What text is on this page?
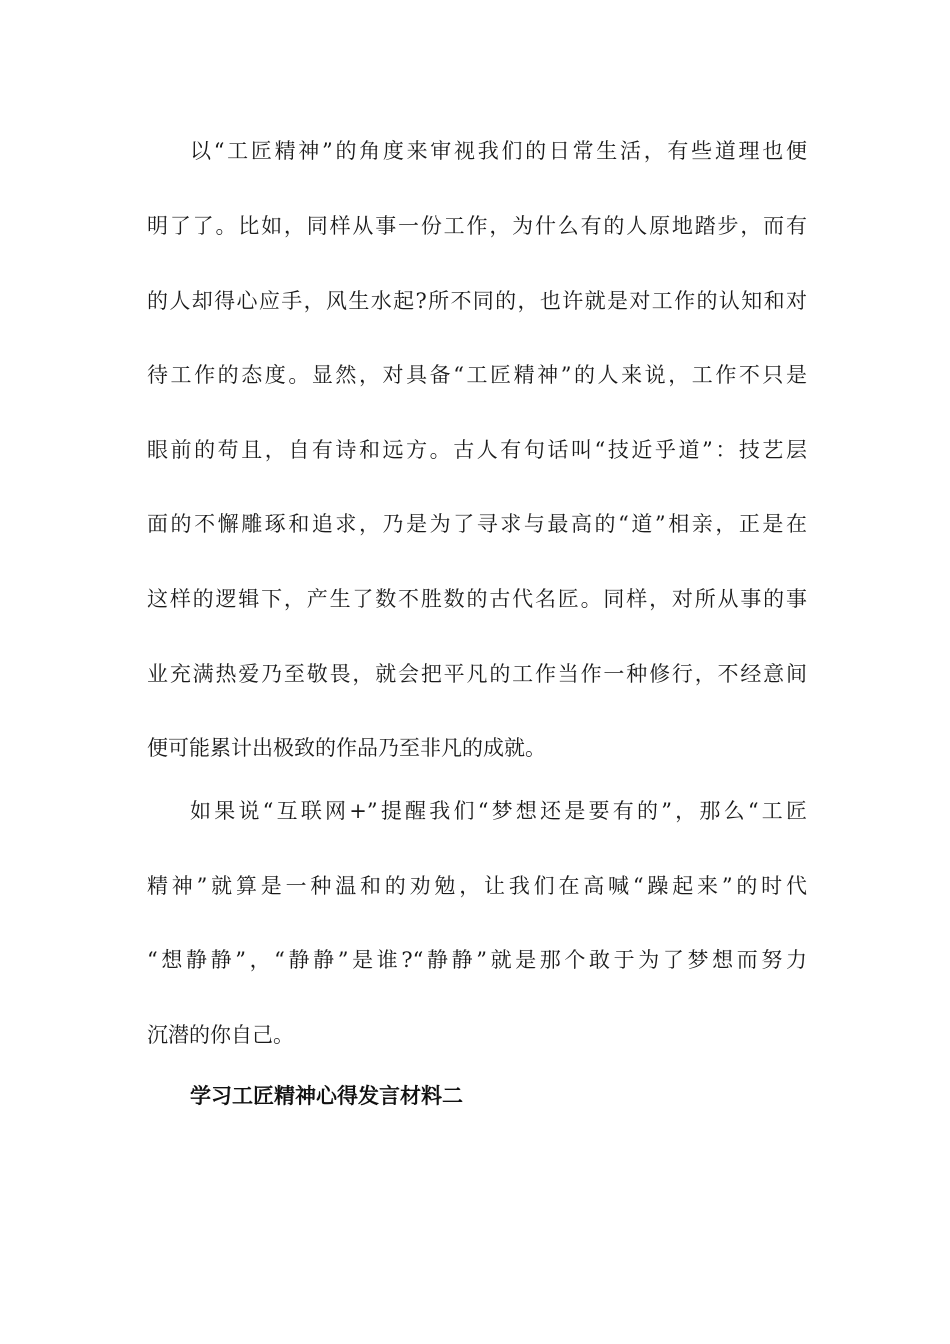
以“工匠精神”的角度来审视我们的日常生活，有些道理也便
明了了。比如，同样从事一份工作，为什么有的人原地踏步，而有
的人却得心应手，风生水起?所不同的，也许就是对工作的认知和对
待工作的态度。显然，对具备“工匠精神”的人来说，工作不只是
眼前的苟且，自有诗和远方。古人有句话叫“技近乎道”：技艺层
面的不懈雕琢和追求，乃是为了寻求与最高的“道”相亲，正是在
这样的逻辑下，产生了数不胜数的古代名匠。同样，对所从事的事
业充满热爱乃至敬畏，就会把平凡的工作当作一种修行，不经意间
便可能累计出极致的作品乃至非凡的成就。
如果说“互联网+”提醒我们“梦想还是要有的”，那么“工匠
精神”就算是一种温和的劝勉，让我们在高喊“躁起来”的时代
“想静静”，“静静”是谁?“静静”就是那个敢于为了梦想而努力
沉潜的你自己。
学习工匠精神心得发言材料二
